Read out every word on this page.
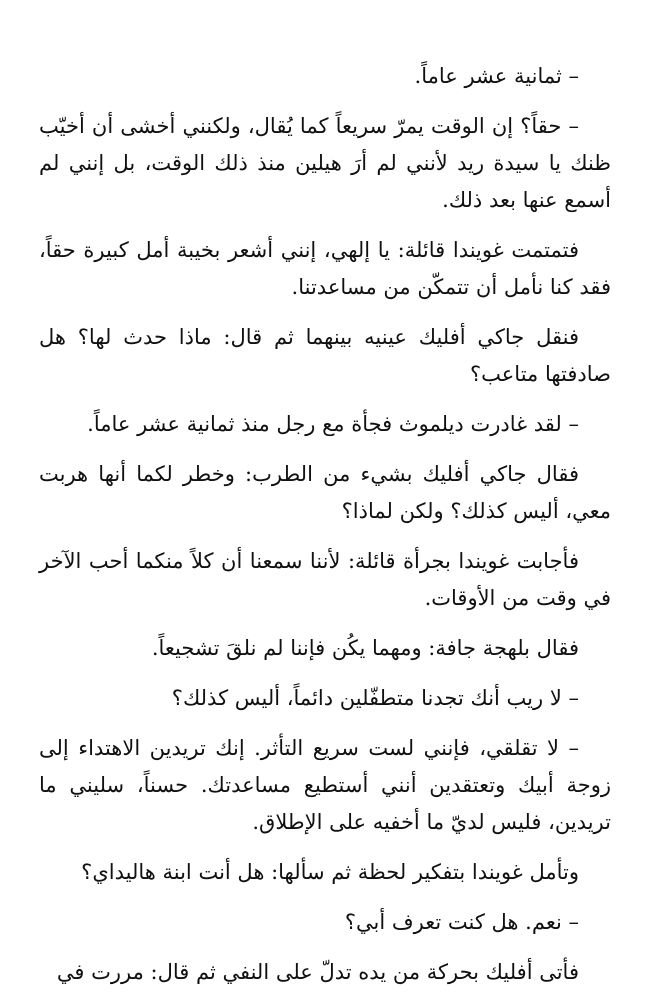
– ثمانية عشر عاماً.

– حقاً؟ إن الوقت يمرّ سريعاً كما يُقال، ولكنني أخشى أن أخيّب ظنك يا سيدة ريد لأنني لم أرَ هيلين منذ ذلك الوقت، بل إنني لم أسمع عنها بعد ذلك.

فتمتمت غويندا قائلة: يا إلهي، إنني أشعر بخيبة أمل كبيرة حقاً، فقد كنا نأمل أن تتمكّن من مساعدتنا.

فنقل جاكي أفليك عينيه بينهما ثم قال: ماذا حدث لها؟ هل صادفتها متاعب؟

– لقد غادرت ديلموث فجأة مع رجل منذ ثمانية عشر عاماً.

فقال جاكي أفليك بشيء من الطرب: وخطر لكما أنها هربت معي، أليس كذلك؟ ولكن لماذا؟

فأجابت غويندا بجرأة قائلة: لأننا سمعنا أن كلاً منكما أحب الآخر في وقت من الأوقات.

فقال بلهجة جافة: ومهما يكُن فإننا لم نلقَ تشجيعاً.

– لا ريب أنك تجدنا متطفّلين دائماً، أليس كذلك؟

– لا تقلقي، فإنني لست سريع التأثر. إنك تريدين الاهتداء إلى زوجة أبيك وتعتقدين أنني أستطيع مساعدتك. حسناً، سليني ما تريدين، فليس لديّ ما أخفيه على الإطلاق.

وتأمل غويندا بتفكير لحظة ثم سألها: هل أنت ابنة هاليداي؟

– نعم. هل كنت تعرف أبي؟

فأتى أفليك بحركة من يده تدلّ على النفي ثم قال: مررت في
